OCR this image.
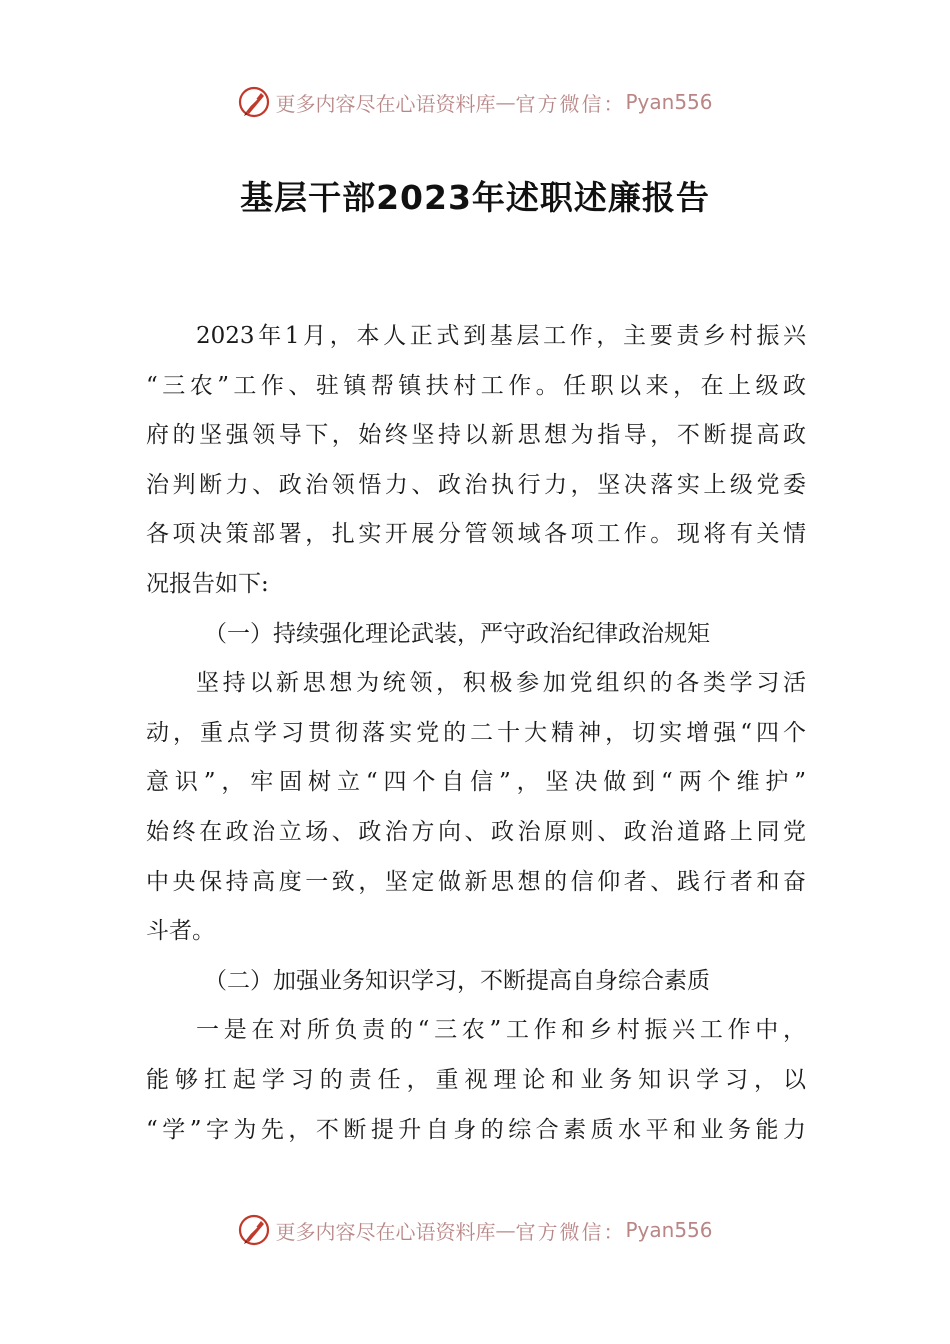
更多内容尽在心语资料库 — 官方微信： Pyan556
基层干部2023年述职述廉报告
2023年1月，本人正式到基层工作，主要责乡村振兴
“三农”工作、驻镇帮镇扶村工作。任职以来，在上级政
府的坚强领导下，始终坚持以新思想为指导，不断提高政
治判断力、政治领悟力、政治执行力，坚决落实上级党委
各项决策部署，扎实开展分管领域各项工作。现将有关情
况报告如下:
（一）持续强化理论武装，严守政治纪律政治规矩
坚持以新思想为统领，积极参加党组织的各类学习活
动，重点学习贯彻落实党的二十大精神，切实增强“四个
意识”，牢固树立“四个自信”，坚决做到“两个维护”
始终在政治立场、政治方向、政治原则、政治道路上同党
中央保持高度一致，坚定做新思想的信仰者、践行者和奋
斗者。
（二）加强业务知识学习，不断提高自身综合素质
一是在对所负责的“三农”工作和乡村振兴工作中，
能够扛起学习的责任，重视理论和业务知识学习，以
“学”字为先，不断提升自身的综合素质水平和业务能力
更多内容尽在心语资料库 — 官方微信： Pyan556
